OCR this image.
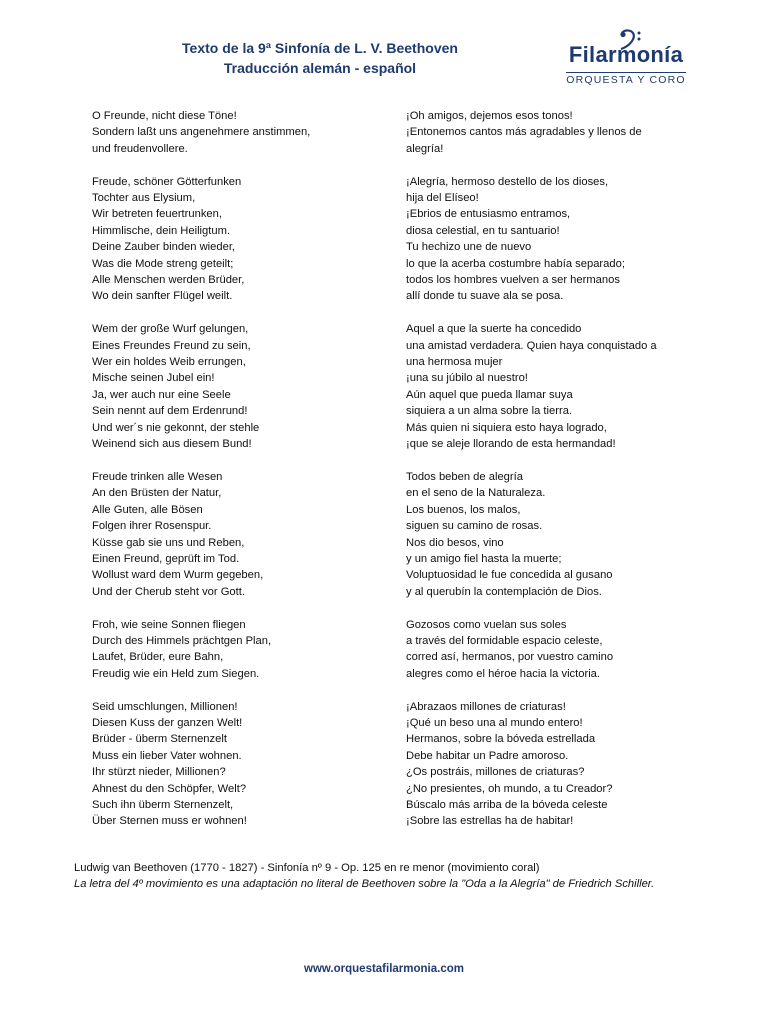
Texto de la 9ª Sinfonía de L. V. Beethoven
Traducción alemán - español
Filarmonía
ORQUESTA Y CORO
O Freunde, nicht diese Töne!
Sondern laßt uns angenehmere anstimmen,
und freudenvollere.
Freude, schöner Götterfunken
Tochter aus Elysium,
Wir betreten feuertrunken,
Himmlische, dein Heiligtum.
Deine Zauber binden wieder,
Was die Mode streng geteilt;
Alle Menschen werden Brüder,
Wo dein sanfter Flügel weilt.
Wem der große Wurf gelungen,
Eines Freundes Freund zu sein,
Wer ein holdes Weib errungen,
Mische seinen Jubel ein!
Ja, wer auch nur eine Seele
Sein nennt auf dem Erdenrund!
Und wer´s nie gekonnt, der stehle
Weinend sich aus diesem Bund!
Freude trinken alle Wesen
An den Brüsten der Natur,
Alle Guten, alle Bösen
Folgen ihrer Rosenspur.
Küsse gab sie uns und Reben,
Einen Freund, geprüft im Tod.
Wollust ward dem Wurm gegeben,
Und der Cherub steht vor Gott.
Froh, wie seine Sonnen fliegen
Durch des Himmels prächtgen Plan,
Laufet, Brüder, eure Bahn,
Freudig wie ein Held zum Siegen.
Seid umschlungen, Millionen!
Diesen Kuss der ganzen Welt!
Brüder - überm Sternenzelt
Muss ein lieber Vater wohnen.
Ihr stürzt nieder, Millionen?
Ahnest du den Schöpfer, Welt?
Such ihn überm Sternenzelt,
Über Sternen muss er wohnen!
¡Oh amigos, dejemos esos tonos!
¡Entonemos cantos más agradables y llenos de
alegría!
¡Alegría, hermoso destello de los dioses,
hija del Elíseo!
¡Ebrios de entusiasmo entramos,
diosa celestial, en tu santuario!
Tu hechizo une de nuevo
lo que la acerba costumbre había separado;
todos los hombres vuelven a ser hermanos
allí donde tu suave ala se posa.
Aquel a que la suerte ha concedido
una amistad verdadera. Quien haya conquistado a
una hermosa mujer
¡una su júbilo al nuestro!
Aún aquel que pueda llamar suya
siquiera a un alma sobre la tierra.
Más quien ni siquiera esto haya logrado,
¡que se aleje llorando de esta hermandad!
Todos beben de alegría
en el seno de la Naturaleza.
Los buenos, los malos,
siguen su camino de rosas.
Nos dio besos, vino
y un amigo fiel hasta la muerte;
Voluptuosidad le fue concedida al gusano
y al querubín la contemplación de Dios.
Gozosos como vuelan sus soles
a través del formidable espacio celeste,
corred así, hermanos, por vuestro camino
alegres como el héroe hacia la victoria.
¡Abrazaos millones de criaturas!
¡Qué un beso una al mundo entero!
Hermanos, sobre la bóveda estrellada
Debe habitar un Padre amoroso.
¿Os postráis, millones de criaturas?
¿No presientes, oh mundo, a tu Creador?
Búscalo más arriba de la bóveda celeste
¡Sobre las estrellas ha de habitar!
Ludwig van Beethoven (1770 - 1827) - Sinfonía nº 9 - Op. 125 en re menor (movimiento coral)
La letra del 4º movimiento es una adaptación no literal de Beethoven sobre la "Oda a la Alegría" de Friedrich Schiller.
www.orquestafilarmonia.com
